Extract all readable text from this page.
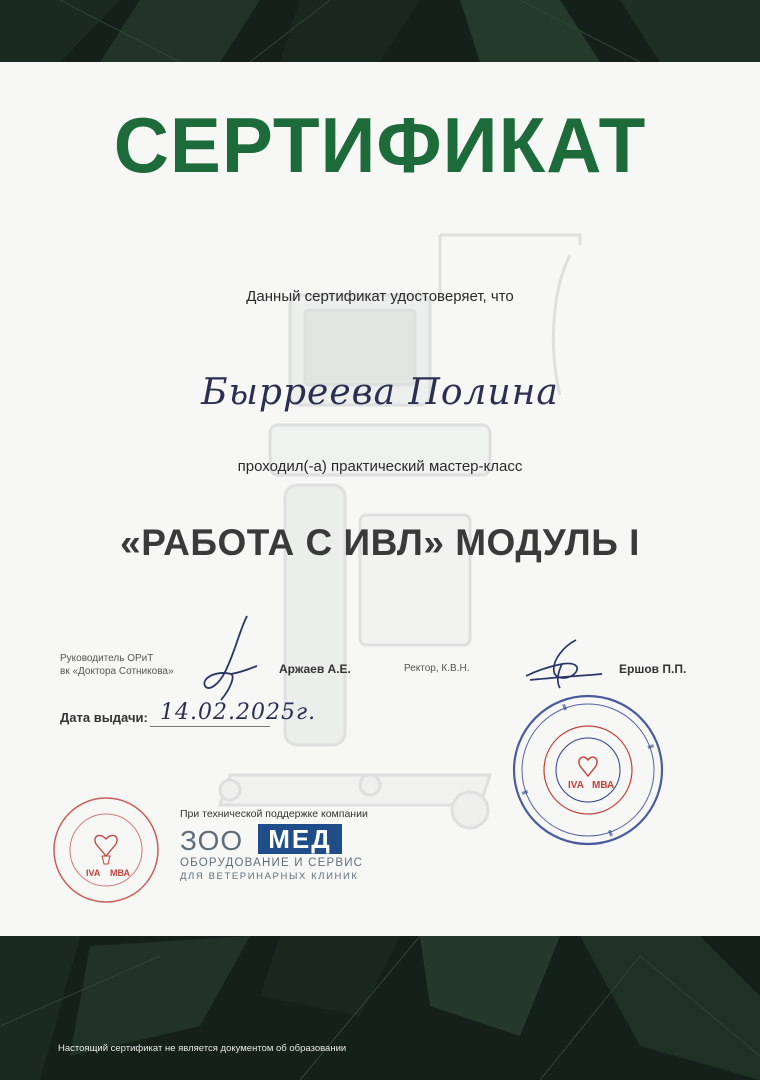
СЕРТИФИКАТ
Данный сертификат удостоверяет, что
Бырреева Полина
проходил(-а) практический мастер-класс
«РАБОТА С ИВЛ» МОДУЛЬ I
Руководитель ОРиТ
вк «Доктора Сотникова»	Аржаев А.Е.	Ректор, К.В.Н.	Ершов П.П.
Дата выдачи: 14.02.2025г.
IVA МВА
IVA МВА
При технической поддержке компании
ЗОО МЕД
ОБОРУДОВАНИЕ И СЕРВИС
ДЛЯ ВЕТЕРИНАРНЫХ КЛИНИК
Настоящий сертификат не является документом об образовании
